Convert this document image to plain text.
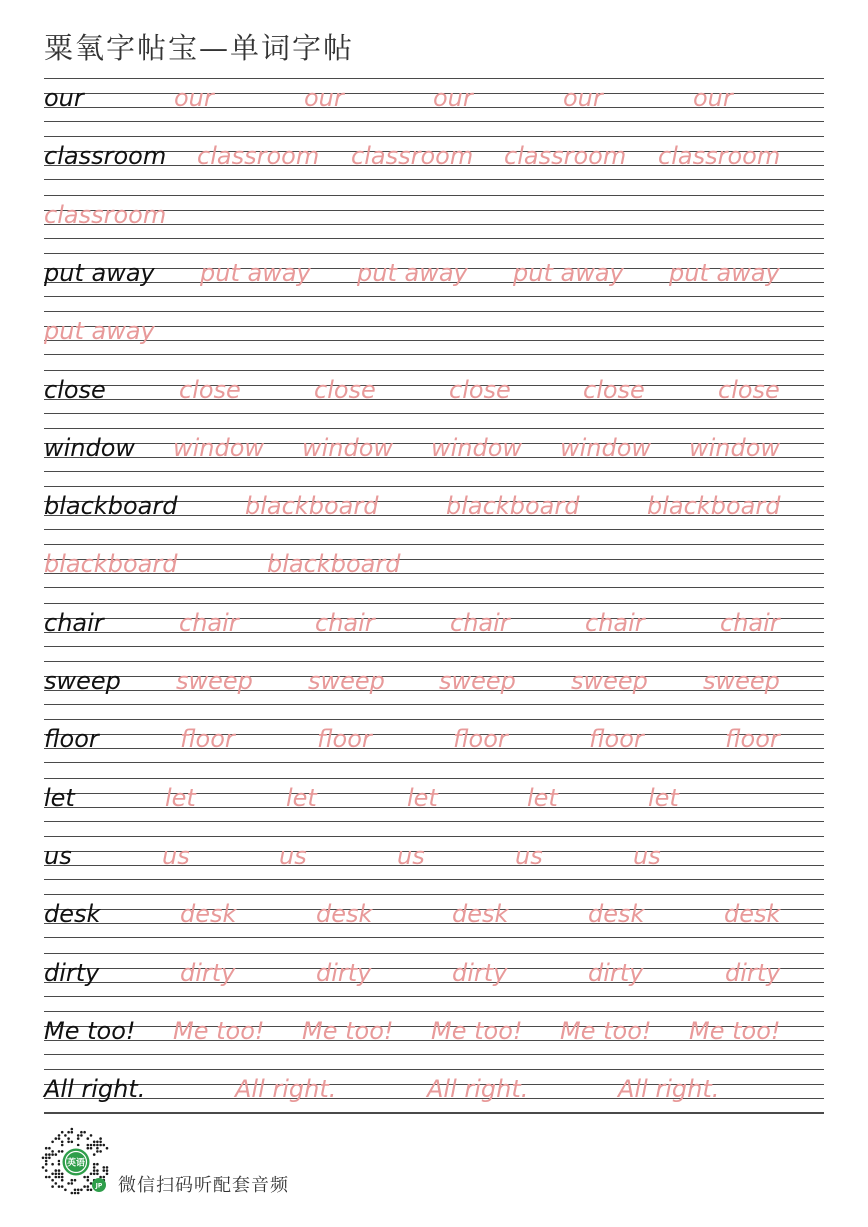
粟氧字帖宝—单词字帖
our	our	our	our	our	our
classroom classroom classroom classroom classroom
classroom
put away put away put away put away put away
put away
close	close	close	close	close	close
window window window window window window
blackboard	blackboard	blackboard	blackboard
blackboard	blackboard
chair	chair	chair	chair	chair	chair
sweep sweep sweep sweep sweep sweep
floor	floor	floor	floor	floor	floor
let	let	let	let	let	let
us	us	us	us	us	us
desk	desk	desk	desk	desk	desk
dirty	dirty	dirty	dirty	dirty	dirty
Me too! Me too! Me too! Me too! Me too! Me too!
All right.	All right.	All right.	All right.
英语
JP 微信扫码听配套音频
